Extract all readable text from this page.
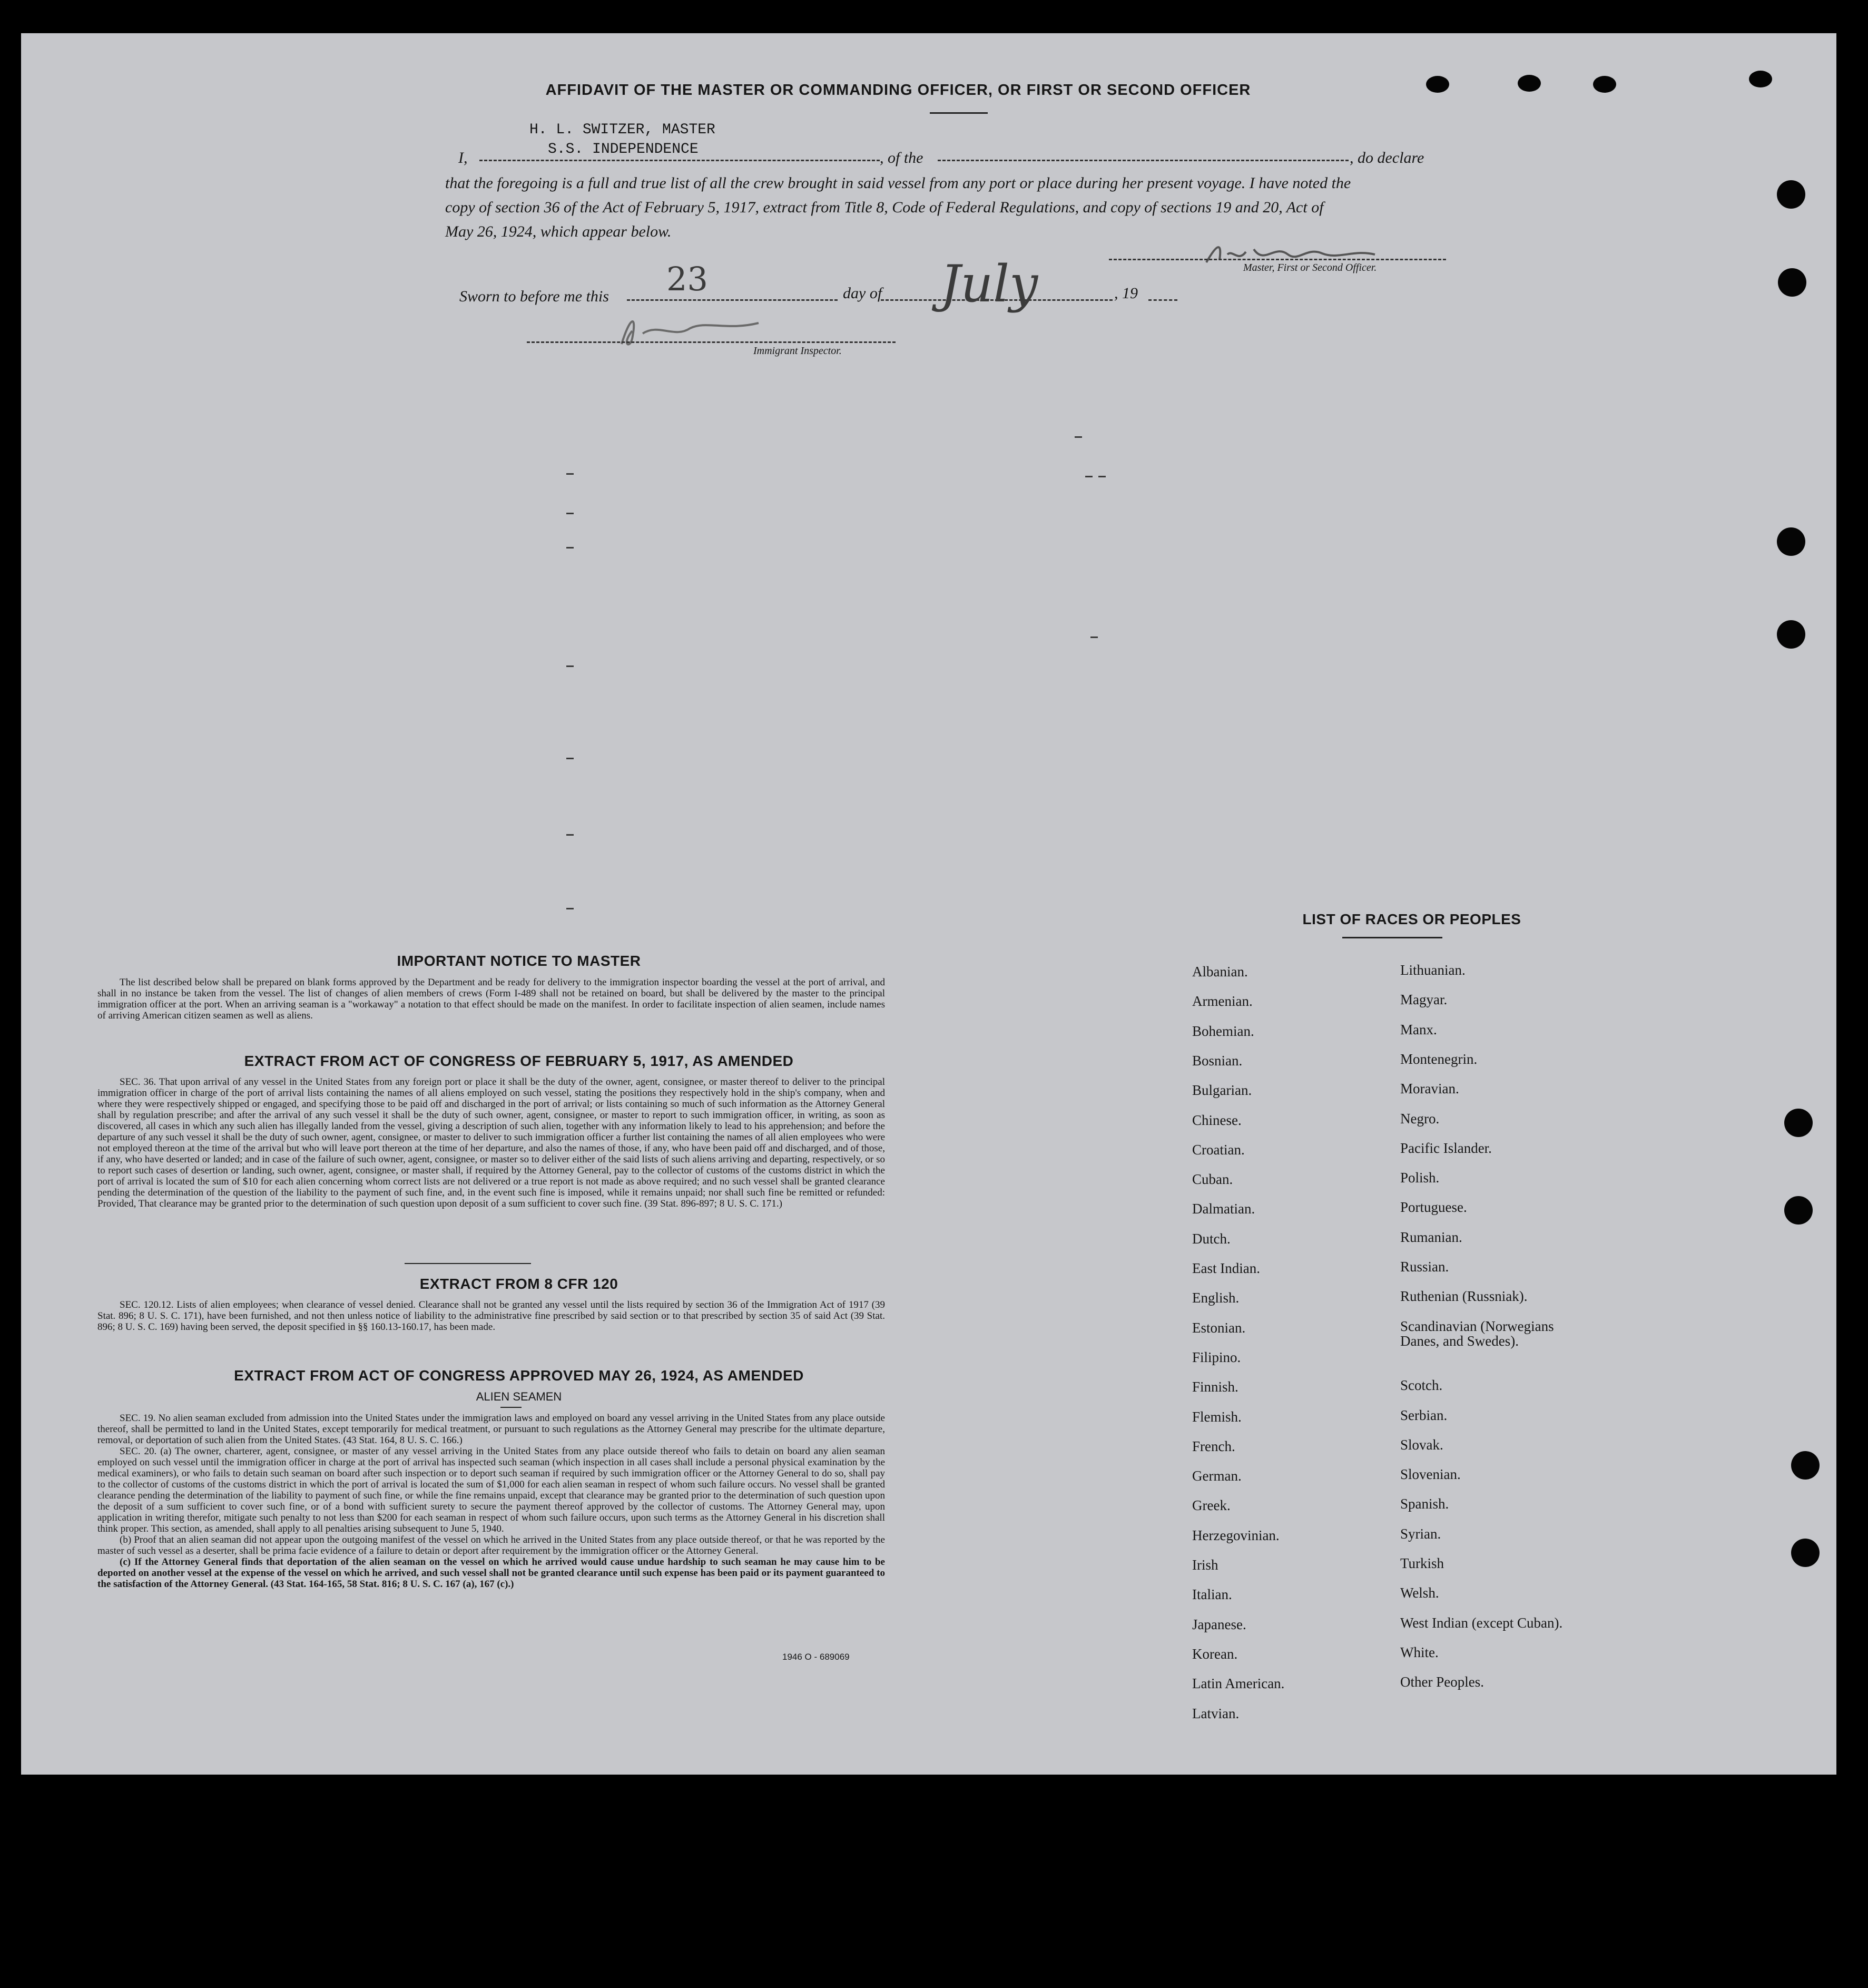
AFFIDAVIT OF THE MASTER OR COMMANDING OFFICER, OR FIRST OR SECOND OFFICER
H. L. SWITZER, MASTER
S.S. INDEPENDENCE
I,	, of the	, do declare
that the foregoing is a full and true list of all the crew brought in said vessel from any port or place during her present voyage. I have noted the
copy of section 36 of the Act of February 5, 1917, extract from Title 8, Code of Federal Regulations, and copy of sections 19 and 20, Act of
May 26, 1924, which appear below.
Master, First or Second Officer.
Sworn to before me this 23	day of July	, 19
Immigrant Inspector.
IMPORTANT NOTICE TO MASTER

The list described below shall be prepared on blank forms approved by the Department and be ready for delivery to the immigration inspector boarding the vessel at the port of arrival, and shall in no instance be taken from the vessel. The list of changes of alien members of crews (Form I-489 shall not be retained on board, but shall be delivered by the master to the principal immigration officer at the port. When an arriving seaman is a "workaway" a notation to that effect should be made on the manifest. In order to facilitate inspection of alien seamen, include names of arriving American citizen seamen as well as aliens.

EXTRACT FROM ACT OF CONGRESS OF FEBRUARY 5, 1917, AS AMENDED

SEC. 36. That upon arrival of any vessel in the United States from any foreign port or place it shall be the duty of the owner, agent, consignee, or master thereof to deliver to the principal immigration officer in charge of the port of arrival lists containing the names of all aliens employed on such vessel, stating the positions they respectively hold in the ship's company, when and where they were respectively shipped or engaged, and specifying those to be paid off and discharged in the port of arrival; or lists containing so much of such information as the Attorney General shall by regulation prescribe; and after the arrival of any such vessel it shall be the duty of such owner, agent, consignee, or master to report to such immigration officer, in writing, as soon as discovered, all cases in which any such alien has illegally landed from the vessel, giving a description of such alien, together with any information likely to lead to his apprehension; and before the departure of any such vessel it shall be the duty of such owner, agent, consignee, or master to deliver to such immigration officer a further list containing the names of all alien employees who were not employed thereon at the time of the arrival but who will leave port thereon at the time of her departure, and also the names of those, if any, who have been paid off and discharged, and of those, if any, who have deserted or landed; and in case of the failure of such owner, agent, consignee, or master so to deliver either of the said lists of such aliens arriving and departing, respectively, or so to report such cases of desertion or landing, such owner, agent, consignee, or master shall, if required by the Attorney General, pay to the collector of customs of the customs district in which the port of arrival is located the sum of $10 for each alien concerning whom correct lists are not delivered or a true report is not made as above required; and no such vessel shall be granted clearance pending the determination of the question of the liability to the payment of such fine, and, in the event such fine is imposed, while it remains unpaid; nor shall such fine be remitted or refunded: Provided, That clearance may be granted prior to the determination of such question upon deposit of a sum sufficient to cover such fine. (39 Stat. 896-897; 8 U. S. C. 171.)

EXTRACT FROM 8 CFR 120

SEC. 120.12. Lists of alien employees; when clearance of vessel denied. Clearance shall not be granted any vessel until the lists required by section 36 of the Immigration Act of 1917 (39 Stat. 896; 8 U. S. C. 171), have been furnished, and not then unless notice of liability to the administrative fine prescribed by said section or to that prescribed by section 35 of said Act (39 Stat. 896; 8 U. S. C. 169) having been served, the deposit specified in §§ 160.13-160.17, has been made.

EXTRACT FROM ACT OF CONGRESS APPROVED MAY 26, 1924, AS AMENDED
ALIEN SEAMEN

SEC. 19. No alien seaman excluded from admission into the United States under the immigration laws and employed on board any vessel arriving in the United States from any place outside thereof, shall be permitted to land in the United States, except temporarily for medical treatment, or pursuant to such regulations as the Attorney General may prescribe for the ultimate departure, removal, or deportation of such alien from the United States. (43 Stat. 164, 8 U. S. C. 166.)

SEC. 20. (a) The owner, charterer, agent, consignee, or master of any vessel arriving in the United States from any place outside thereof who fails to detain on board any alien seaman employed on such vessel until the immigration officer in charge at the port of arrival has inspected such seaman (which inspection in all cases shall include a personal physical examination by the medical examiners), or who fails to detain such seaman on board after such inspection or to deport such seaman if required by such immigration officer or the Attorney General to do so, shall pay to the collector of customs of the customs district in which the port of arrival is located the sum of $1,000 for each alien seaman in respect of whom such failure occurs. No vessel shall be granted clearance pending the determination of the liability to payment of such fine, or while the fine remains unpaid, except that clearance may be granted prior to the determination of such question upon the deposit of a sum sufficient to cover such fine, or of a bond with sufficient surety to secure the payment thereof approved by the collector of customs. The Attorney General may, upon application in writing therefor, mitigate such penalty to not less than $200 for each seaman in respect of whom such failure occurs, upon such terms as the Attorney General in his discretion shall think proper. This section, as amended, shall apply to all penalties arising subsequent to June 5, 1940.

(b) Proof that an alien seaman did not appear upon the outgoing manifest of the vessel on which he arrived in the United States from any place outside thereof, or that he was reported by the master of such vessel as a deserter, shall be prima facie evidence of a failure to detain or deport after requirement by the immigration officer or the Attorney General.

(c) If the Attorney General finds that deportation of the alien seaman on the vessel on which he arrived would cause undue hardship to such seaman he may cause him to be deported on another vessel at the expense of the vessel on which he arrived, and such vessel shall not be granted clearance until such expense has been paid or its payment guaranteed to the satisfaction of the Attorney General. (43 Stat. 164-165, 58 Stat. 816; 8 U. S. C. 167 (a), 167 (c).)

1946 O - 689069
LIST OF RACES OR PEOPLES
Albanian.
Armenian.
Bohemian.
Bosnian.
Bulgarian.
Chinese.
Croatian.
Cuban.
Dalmatian.
Dutch.
East Indian.
English.
Estonian.
Filipino.
Finnish.
Flemish.
French.
German.
Greek.
Herzegovinian.
Irish
Italian.
Japanese.
Korean.
Latin American.
Latvian.
Lithuanian.
Magyar.
Manx.
Montenegrin.
Moravian.
Negro.
Pacific Islander.
Polish.
Portuguese.
Rumanian.
Russian.
Ruthenian (Russniak).
Scandinavian (Norwegians
Danes, and Swedes).
Scotch.
Serbian.
Slovak.
Slovenian.
Spanish.
Syrian.
Turkish
Welsh.
West Indian (except Cuban).
White.
Other Peoples.
